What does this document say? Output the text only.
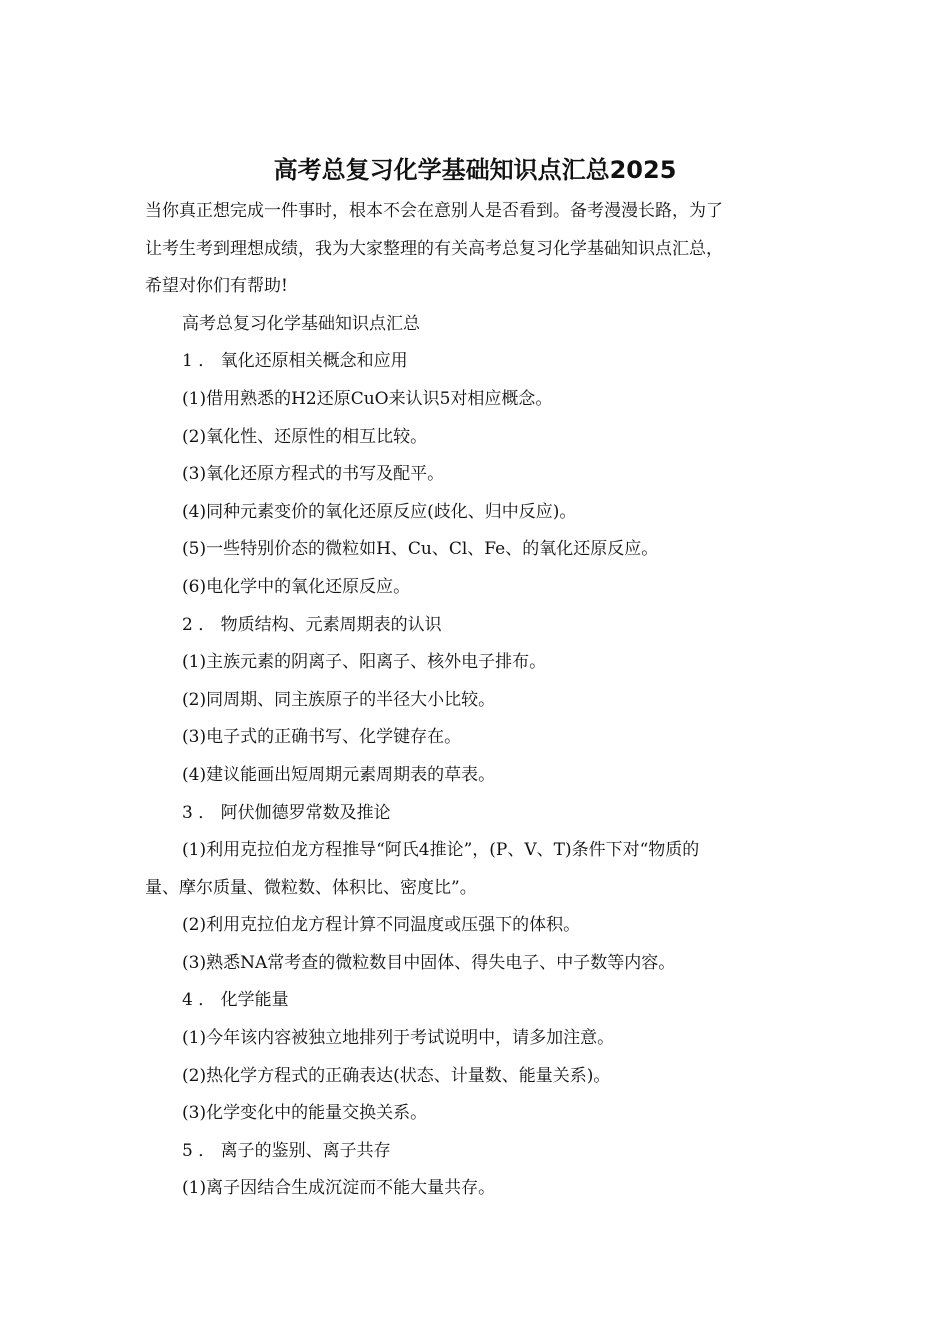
高考总复习化学基础知识点汇总2025

当你真正想完成一件事时，根本不会在意别人是否看到。备考漫漫长路，为了

让考生考到理想成绩，我为大家整理的有关高考总复习化学基础知识点汇总，

希望对你们有帮助!

高考总复习化学基础知识点汇总

1 ． 氧化还原相关概念和应用

(1)借用熟悉的H2还原CuO来认识5对相应概念。

(2)氧化性、还原性的相互比较。

(3)氧化还原方程式的书写及配平。

(4)同种元素变价的氧化还原反应(歧化、归中反应)。

(5)一些特别价态的微粒如H、Cu、Cl、Fe、的氧化还原反应。

(6)电化学中的氧化还原反应。

2 ． 物质结构、元素周期表的认识

(1)主族元素的阴离子、阳离子、核外电子排布。

(2)同周期、同主族原子的半径大小比较。

(3)电子式的正确书写、化学键存在。

(4)建议能画出短周期元素周期表的草表。

3 ． 阿伏伽德罗常数及推论

(1)利用克拉伯龙方程推导“阿氏4推论”，(P、V、T)条件下对“物质的

量、摩尔质量、微粒数、体积比、密度比”。

(2)利用克拉伯龙方程计算不同温度或压强下的体积。

(3)熟悉NA常考查的微粒数目中固体、得失电子、中子数等内容。

4 ． 化学能量

(1)今年该内容被独立地排列于考试说明中，请多加注意。

(2)热化学方程式的正确表达(状态、计量数、能量关系)。

(3)化学变化中的能量交换关系。

5 ． 离子的鉴别、离子共存

(1)离子因结合生成沉淀而不能大量共存。
